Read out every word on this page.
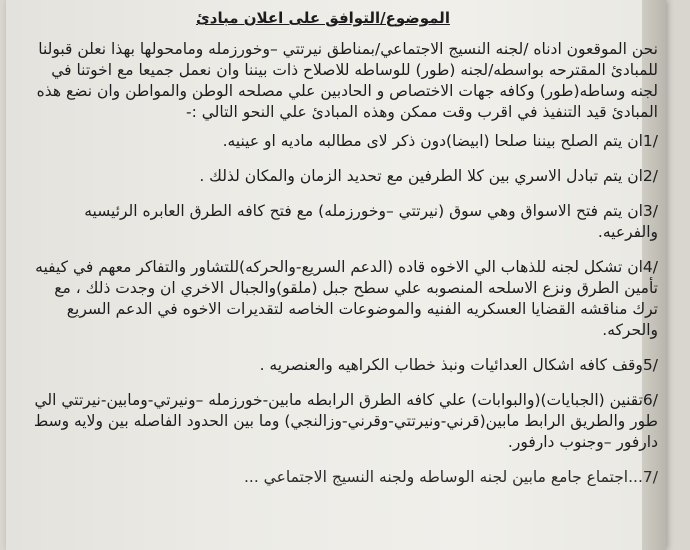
الموضوع/التوافق على اعلان مبادئ

نحن الموقعون ادناه /لجنه النسيج الاجتماعي/بمناطق نيرتتي –وخورزمله ومامحولها بهذا نعلن قبولنا للمبادئ المقترحه بواسطه/لجنه (طور) للوساطه للاصلاح ذات بيننا وان نعمل جميعا مع اخوتنا في لجنه وساطه(طور) وكافه جهات الاختصاص و الحادبين علي مصلحه الوطن والمواطن وان نضع هذه المبادئ قيد التنفيذ في اقرب وقت ممكن وهذه المبادئ علي النحو التالي :-

1/ان يتم الصلح بيننا صلحا (ابيضا)دون ذكر لاى مطالبه ماديه او عينيه.

2/ان يتم تبادل الاسري بين كلا الطرفين مع تحديد الزمان والمكان لذلك .

3/ان يتم فتح الاسواق وهي سوق (نيرتتي –وخورزمله) مع فتح كافه الطرق العابره الرئيسيه والفرعيه.

4/ان تشكل لجنه للذهاب الي الاخوه قاده (الدعم السريع-والحركه)للتشاور والتفاكر معهم في كيفيه تأمين الطرق ونزع الاسلحه المنصوبه علي سطح جبل (ملقو)والجبال الاخري ان وجدت ذلك ، مع ترك مناقشه القضايا العسكريه الفنيه والموضوعات الخاصه لتقديرات الاخوه في الدعم السريع والحركه.

5/وقف كافه اشكال العدائيات ونبذ خطاب الكراهيه والعنصريه .

6/تقنين (الجبايات)(والبوابات) علي كافه الطرق الرابطه مابين-خورزمله –ونيرتي-ومابين-نيرتتي الي طور والطريق الرابط مابين(قرني-ونيرتتي-وقرني-وزالنجي) وما بين الحدود الفاصله بين ولايه وسط دارفور –وجنوب دارفور.

7/...اجتماع جامع مابين لجنه الوساطه ولجنه النسيج الاجتماعي ...
